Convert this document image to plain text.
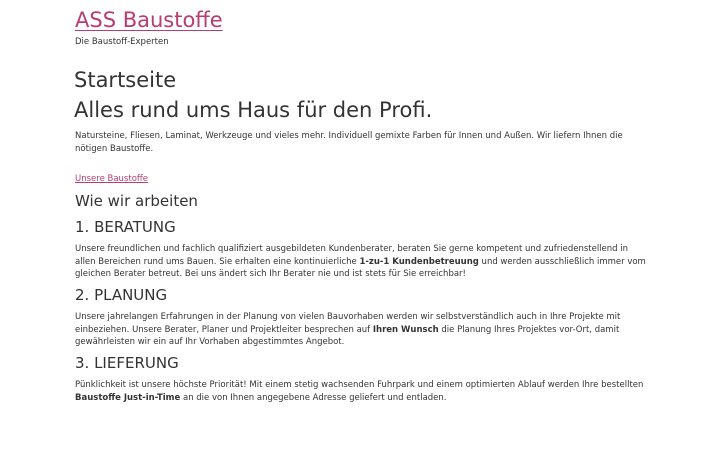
ASS Baustoffe
Die Baustoff-Experten
Startseite
Alles rund ums Haus für den Profi.

Natursteine, Fliesen, Laminat, Werkzeuge und vieles mehr. Individuell gemixte Farben für Innen und Außen. Wir liefern Ihnen die nötigen Baustoffe.

Unsere Baustoffe
Wie wir arbeiten
1. BERATUNG

Unsere freundlichen und fachlich qualifiziert ausgebildeten Kundenberater, beraten Sie gerne kompetent und zufriedenstellend in allen Bereichen rund ums Bauen. Sie erhalten eine kontinuierliche 1-zu-1 Kundenbetreuung und werden ausschließlich immer vom gleichen Berater betreut. Bei uns ändert sich Ihr Berater nie und ist stets für Sie erreichbar!

2. PLANUNG

Unsere jahrelangen Erfahrungen in der Planung von vielen Bauvorhaben werden wir selbstverständlich auch in Ihre Projekte mit einbeziehen. Unsere Berater, Planer und Projektleiter besprechen auf Ihren Wunsch die Planung Ihres Projektes vor-Ort, damit gewährleisten wir ein auf Ihr Vorhaben abgestimmtes Angebot.

3. LIEFERUNG

Pünklichkeit ist unsere höchste Priorität! Mit einem stetig wachsenden Fuhrpark und einem optimierten Ablauf werden Ihre bestellten Baustoffe Just-in-Time an die von Ihnen angegebene Adresse geliefert und entladen.
